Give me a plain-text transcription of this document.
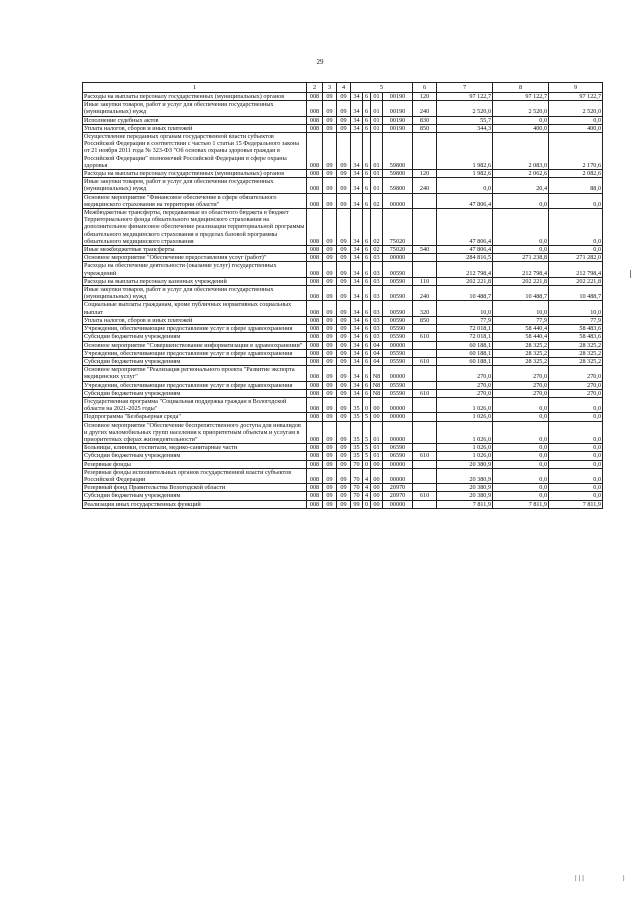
29
1	2	3	4	5				6	7	8	9
Расходы на выплаты персоналу государственных (муниципальных) органов	008	09	09	34	6	01	00190	120	97 122,7	97 122,7	97 122,7
Иные закупки товаров, работ и услуг для обеспечения государственных (муниципальных) нужд	008	09	09	34	6	01	00190	240	2 520,0	2 520,0	2 520,0
Исполнение судебных актов	008	09	09	34	6	01	00190	830	55,7	0,0	0,0
Уплата налогов, сборов и иных платежей	008	09	09	34	6	01	00190	850	344,3	400,0	400,0
Осуществление переданных органам государственной власти субъектов Российской Федерации в соответствии с частью 1 статьи 15 Федерального закона от 21 ноября 2011 года № 323-ФЗ "Об основах охраны здоровья граждан в Российской Федерации" полномочий Российской Федерации в сфере охраны здоровья	008	09	09	34	6	01	59800		1 982,6	2 083,0	2 170,6
Расходы на выплаты персоналу государственных (муниципальных) органов	008	09	09	34	6	01	59800	120	1 982,6	2 062,6	2 082,6
Иные закупки товаров, работ и услуг для обеспечения государственных (муниципальных) нужд	008	09	09	34	6	01	59800	240	0,0	20,4	88,0
Основное мероприятие "Финансовое обеспечение в сфере обязательного медицинского страхования на территории области"	008	09	09	34	6	02	00000		47 806,4	0,0	0,0
Межбюджетные трансферты, передаваемые из областного бюджета в бюджет Территориального фонда обязательного медицинского страхования на дополнительное финансовое обеспечение реализации территориальной программы обязательного медицинского страхования в пределах базовой программы обязательного медицинского страхования	008	09	09	34	6	02	75020		47 806,4	0,0	0,0
Иные межбюджетные трансферты	008	09	09	34	6	02	75020	540	47 806,4	0,0	0,0
Основное мероприятие "Обеспечение предоставления услуг (работ)"	008	09	09	34	6	03	00000		284 816,5	271 238,8	271 282,0
Расходы на обеспечение деятельности (оказание услуг) государственных учреждений	008	09	09	34	6	03	00590		212 798,4	212 798,4	212 798,4
Расходы на выплаты персоналу казенных учреждений	008	09	09	34	6	03	00590	110	202 221,8	202 221,8	202 221,8
Иные закупки товаров, работ и услуг для обеспечения государственных (муниципальных) нужд	008	09	09	34	6	03	00590	240	10 488,7	10 488,7	10 488,7
Социальные выплаты гражданам, кроме публичных нормативных социальных выплат	008	09	09	34	6	03	00590	320	10,0	10,0	10,0
Уплата налогов, сборов и иных платежей	008	09	09	34	6	03	00590	850	77,9	77,9	77,9
Учреждения, обеспечивающие предоставление услуг в сфере здравоохранения	008	09	09	34	6	03	05590		72 018,1	58 440,4	58 483,6
Субсидии бюджетным учреждениям	008	09	09	34	6	03	05590	610	72 018,1	58 440,4	58 483,6
Основное мероприятие "Совершенствование информатизации в здравоохранении"	008	09	09	34	6	04	00000		60 188,1	28 325,2	28 325,2
Учреждения, обеспечивающие предоставление услуг в сфере здравоохранения	008	09	09	34	6	04	05590		60 188,1	28 325,2	28 325,2
Субсидии бюджетным учреждениям	008	09	09	34	6	04	05590	610	60 188,1	28 325,2	28 325,2
Основное мероприятие "Реализация регионального проекта "Развитие экспорта медицинских услуг"	008	09	09	34	6	N8	00000		270,0	270,0	270,0
Учреждения, обеспечивающие предоставление услуг в сфере здравоохранения	008	09	09	34	6	N8	05590		270,0	270,0	270,0
Субсидии бюджетным учреждениям	008	09	09	34	6	N8	05590	610	270,0	270,0	270,0
Государственная программа "Социальная поддержка граждан в Вологодской области на 2021-2025 годы"	008	09	09	35	0	00	00000		1 026,0	0,0	0,0
Подпрограмма "Безбарьерная среда"	008	09	09	35	5	00	00000		1 026,0	0,0	0,0
Основное мероприятие "Обеспечение беспрепятственного доступа для инвалидов и других маломобильных групп населения к приоритетным объектам и услугам в приоритетных сферах жизнедеятельности"	008	09	09	35	5	01	00000		1 026,0	0,0	0,0
Больницы, клиники, госпитали, медико-санитарные части	008	09	09	35	5	01	06590		1 026,0	0,0	0,0
Субсидии бюджетным учреждениям	008	09	09	35	5	01	06590	610	1 026,0	0,0	0,0
Резервные фонды	008	09	09	70	0	00	00000		20 380,9	0,0	0,0
Резервные фонды исполнительных органов государственной власти субъектов Российской Федерации	008	09	09	70	4	00	00000		20 380,9	0,0	0,0
Резервный фонд Правительства Вологодской области	008	09	09	70	4	00	20970		20 380,9	0,0	0,0
Субсидии бюджетным учреждениям	008	09	09	70	4	00	20970	610	20 380,9	0,0	0,0
Реализация иных государственных функций	008	09	09	99	0	00	00000		7 811,9	7 811,9	7 811,9
|||	|
